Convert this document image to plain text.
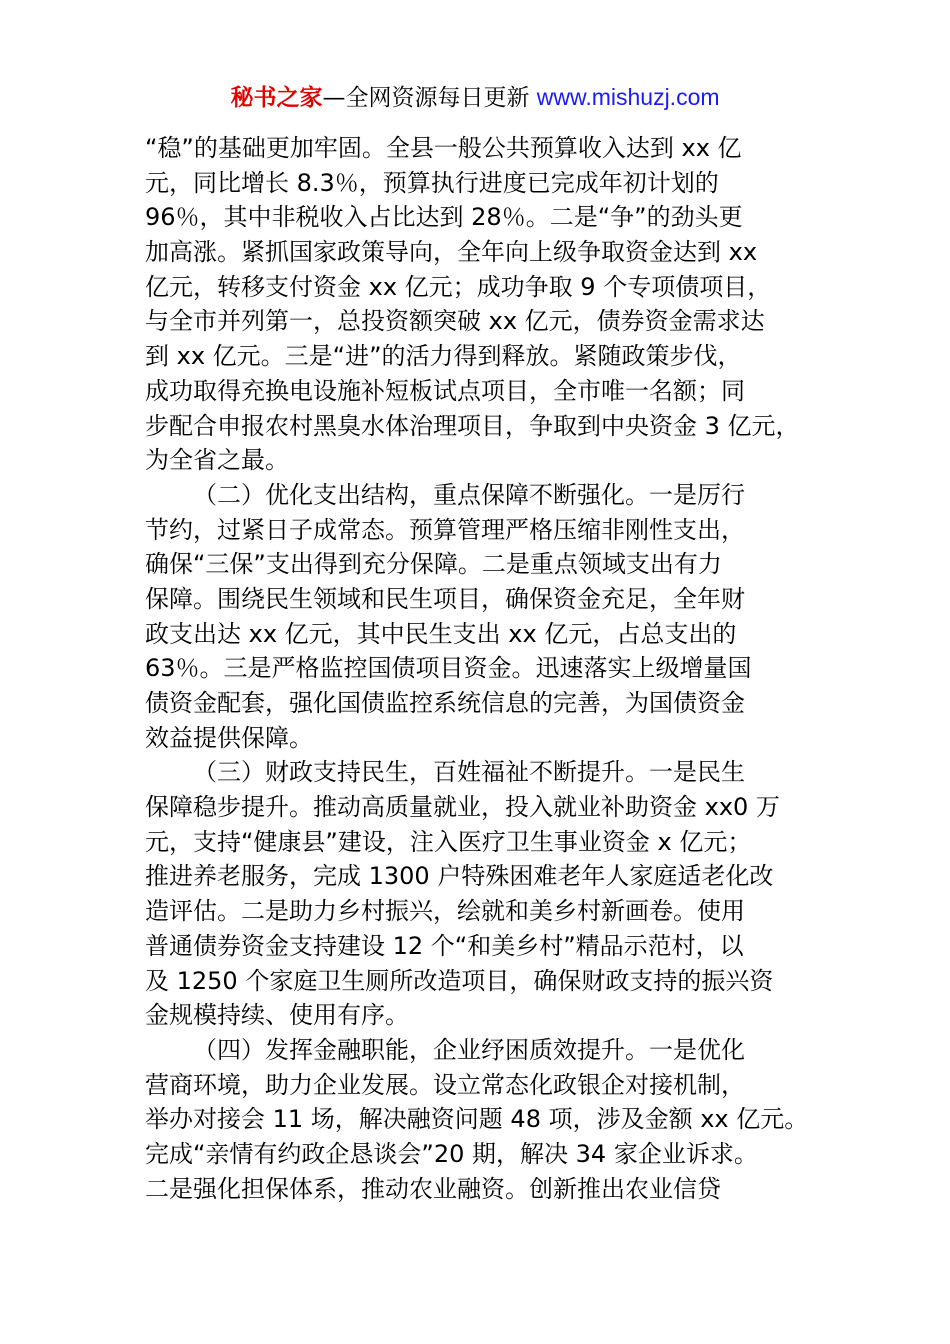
秘书之家—全网资源每日更新 www.mishuzj.com
“稳”的基础更加牢固。全县一般公共预算收入达到 xx 亿
元，同比增长 8.3％，预算执行进度已完成年初计划的
96％，其中非税收入占比达到 28％。二是“争”的劲头更
加高涨。紧抓国家政策导向，全年向上级争取资金达到 xx
亿元，转移支付资金 xx 亿元；成功争取 9 个专项债项目，
与全市并列第一，总投资额突破 xx 亿元，债券资金需求达
到 xx 亿元。三是“进”的活力得到释放。紧随政策步伐，
成功取得充换电设施补短板试点项目，全市唯一名额；同
步配合申报农村黑臭水体治理项目，争取到中央资金 3 亿元，
为全省之最。
（二）优化支出结构，重点保障不断强化。一是厉行
节约，过紧日子成常态。预算管理严格压缩非刚性支出，
确保“三保”支出得到充分保障。二是重点领域支出有力
保障。围绕民生领域和民生项目，确保资金充足，全年财
政支出达 xx 亿元，其中民生支出 xx 亿元，占总支出的
63％。三是严格监控国债项目资金。迅速落实上级增量国
债资金配套，强化国债监控系统信息的完善，为国债资金
效益提供保障。
（三）财政支持民生，百姓福祉不断提升。一是民生
保障稳步提升。推动高质量就业，投入就业补助资金 xx0 万
元，支持“健康县”建设，注入医疗卫生事业资金 x 亿元；
推进养老服务，完成 1300 户特殊困难老年人家庭适老化改
造评估。二是助力乡村振兴，绘就和美乡村新画卷。使用
普通债券资金支持建设 12 个“和美乡村”精品示范村，以
及 1250 个家庭卫生厕所改造项目，确保财政支持的振兴资
金规模持续、使用有序。
（四）发挥金融职能，企业纾困质效提升。一是优化
营商环境，助力企业发展。设立常态化政银企对接机制，
举办对接会 11 场，解决融资问题 48 项，涉及金额 xx 亿元。
完成“亲情有约政企恳谈会”20 期，解决 34 家企业诉求。
二是强化担保体系，推动农业融资。创新推出农业信贷
